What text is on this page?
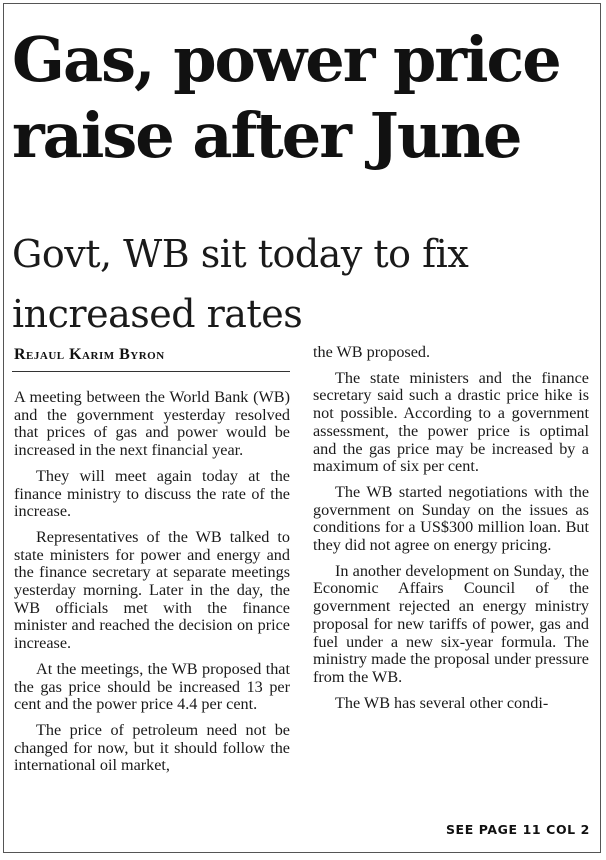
Gas, power price raise after June
Govt, WB sit today to fix increased rates
Rejaul Karim Byron

A meeting between the World Bank (WB) and the government yesterday resolved that prices of gas and power would be increased in the next financial year.

They will meet again today at the finance ministry to discuss the rate of the increase.

Representatives of the WB talked to state ministers for power and energy and the finance secretary at separate meetings yesterday morning. Later in the day, the WB officials met with the finance minister and reached the decision on price increase.

At the meetings, the WB proposed that the gas price should be increased 13 per cent and the power price 4.4 per cent.

The price of petroleum need not be changed for now, but it should follow the international oil market,

the WB proposed.

The state ministers and the finance secretary said such a drastic price hike is not possible. According to a government assessment, the power price is optimal and the gas price may be increased by a maximum of six per cent.

The WB started negotiations with the government on Sunday on the issues as conditions for a US$300 million loan. But they did not agree on energy pricing.

In another development on Sunday, the Economic Affairs Council of the government rejected an energy ministry proposal for new tariffs of power, gas and fuel under a new six-year formula. The ministry made the proposal under pressure from the WB.

The WB has several other condi-

SEE PAGE 11 COL 2
